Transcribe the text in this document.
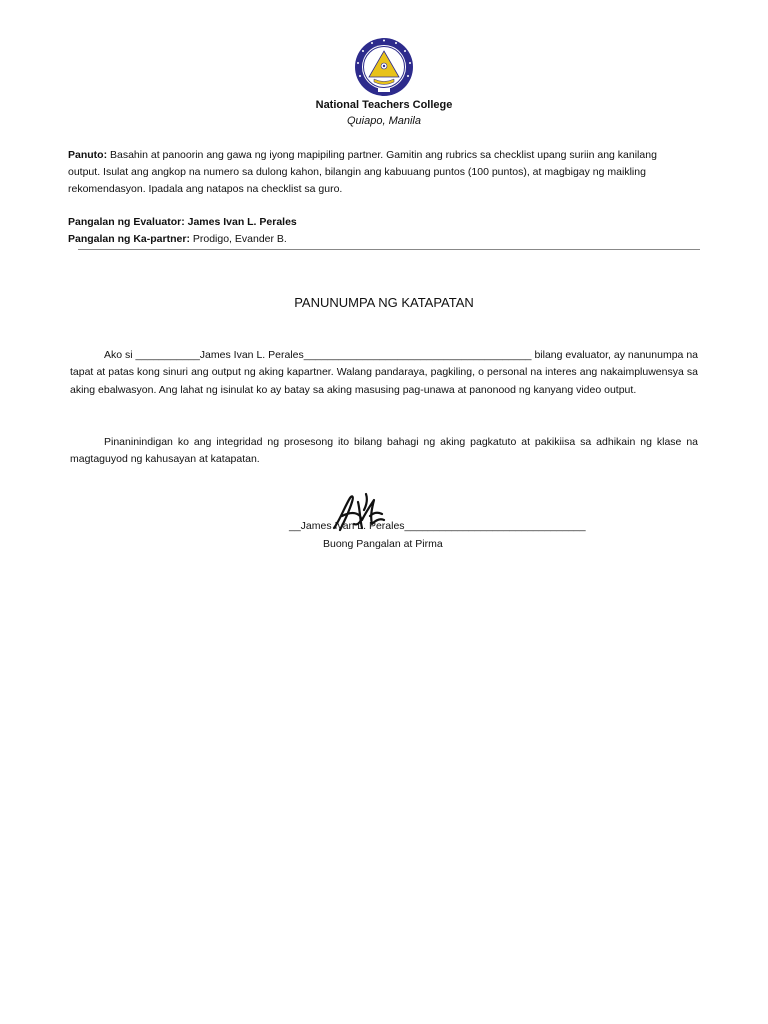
National Teachers College
Quiapo, Manila
Panuto: Basahin at panoorin ang gawa ng iyong mapipiling partner. Gamitin ang rubrics sa checklist upang suriin ang kanilang output. Isulat ang angkop na numero sa dulong kahon, bilangin ang kabuuang puntos (100 puntos), at magbigay ng maikling rekomendasyon. Ipadala ang natapos na checklist sa guro.
Pangalan ng Evaluator: James Ivan L. Perales
Pangalan ng Ka-partner: Prodigo, Evander B.
PANUNUMPA NG KATAPATAN
Ako si ___________James Ivan L. Perales_______________________________________ bilang evaluator, ay nanunumpa na tapat at patas kong sinuri ang output ng aking kapartner. Walang pandaraya, pagkiling, o personal na interes ang nakaimpluwensya sa aking ebalwasyon. Ang lahat ng isinulat ko ay batay sa aking masusing pag-unawa at panonood ng kanyang video output.
Pinaninindigan ko ang integridad ng prosesong ito bilang bahagi ng aking pagkatuto at pakikiisa sa adhikain ng klase na magtaguyod ng kahusayan at katapatan.
__James Ivan L. Perales_______________________________
Buong Pangalan at Pirma
